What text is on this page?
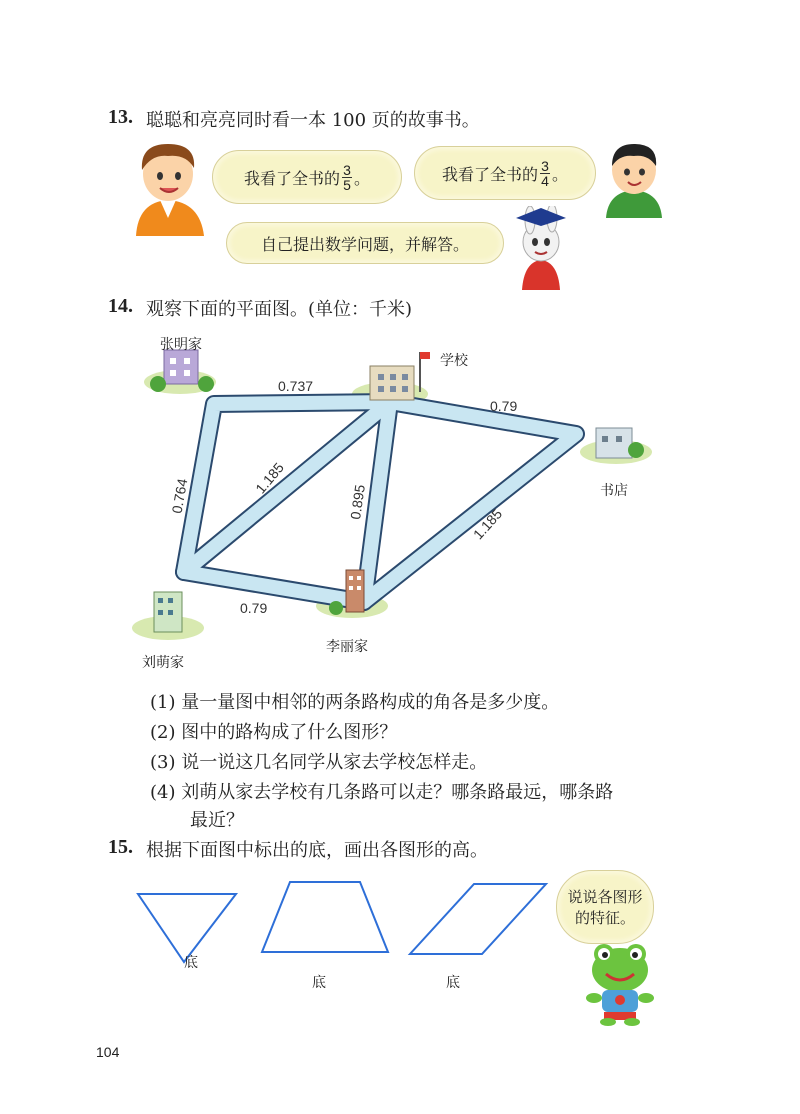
13. 聪聪和亮亮同时看一本 100 页的故事书。
我看了全书的 $\frac{3}{5}$ 。	我看了全书的 $\frac{3}{4}$ 。
自己提出数学问题，并解答。
14. 观察下面的平面图。(单位：千米)
张明家
学校
书店
刘萌家
李丽家
0.737
0.79
0.764	1.185
0.895
1.185
0.79
(1) 量一量图中相邻的两条路构成的角各是多少度。
(2) 图中的路构成了什么图形？
(3) 说一说这几名同学从家去学校怎样走。
(4) 刘萌从家去学校有几条路可以走？哪条路最远，哪条路
最近？
15. 根据下面图中标出的底，画出各图形的高。
底
底	底
说说各图形
的特征。
104
